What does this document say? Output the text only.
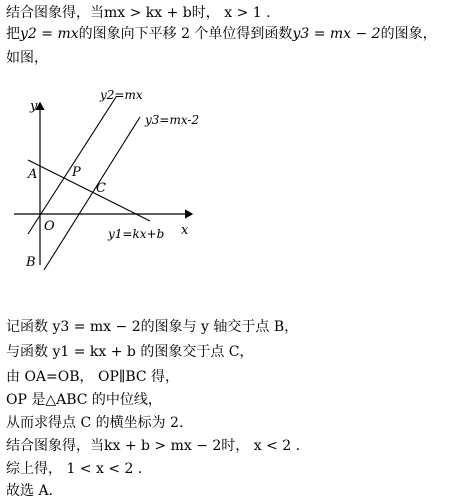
结合图象得，当mx > kx + b时， x > 1 .
把y2 = mx的图象向下平移 2 个单位得到函数y3 = mx − 2的图象，
如图，
y
x
y2=mx
y3=mx-2
y1=kx+b
A
B
O
P
C
记函数 y3 = mx − 2的图象与 y 轴交于点 B，
与函数 y1 = kx + b 的图象交于点 C，
由 OA=OB， OP∥BC 得，
OP 是△ABC 的中位线，
从而求得点 C 的横坐标为 2.
结合图象得，当kx + b > mx − 2时， x < 2 .
综上得， 1 < x < 2 .
故选 A.
